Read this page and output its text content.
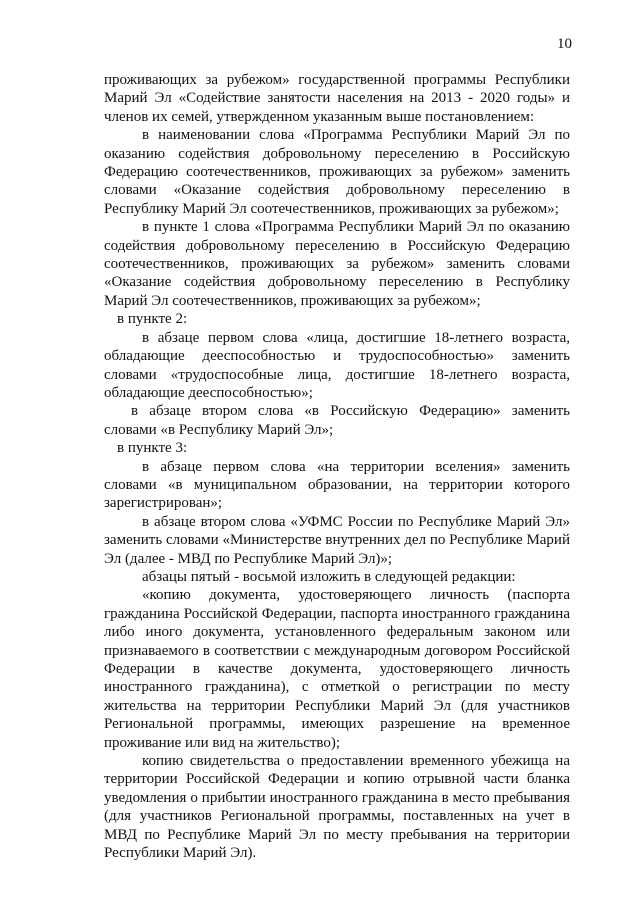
10

проживающих за рубежом» государственной программы Республики Марий Эл «Содействие занятости населения на 2013 - 2020 годы» и членов их семей, утвержденном указанным выше постановлением:

в наименовании слова «Программа Республики Марий Эл по оказанию содействия добровольному переселению в Российскую Федерацию соотечественников, проживающих за рубежом» заменить словами «Оказание содействия добровольному переселению в Республику Марий Эл соотечественников, проживающих за рубежом»;

в пункте 1 слова «Программа Республики Марий Эл по оказанию содействия добровольному переселению в Российскую Федерацию соотечественников, проживающих за рубежом» заменить словами «Оказание содействия добровольному переселению в Республику Марий Эл соотечественников, проживающих за рубежом»;

в пункте 2:

в абзаце первом слова «лица, достигшие 18-летнего возраста, обладающие дееспособностью и трудоспособностью» заменить словами «трудоспособные лица, достигшие 18-летнего возраста, обладающие дееспособностью»;

в абзаце втором слова «в Российскую Федерацию» заменить словами «в Республику Марий Эл»;

в пункте 3:

в абзаце первом слова «на территории вселения» заменить словами «в муниципальном образовании, на территории которого зарегистрирован»;

в абзаце втором слова «УФМС России по Республике Марий Эл» заменить словами «Министерстве внутренних дел по Республике Марий Эл (далее - МВД по Республике Марий Эл)»;

абзацы пятый - восьмой изложить в следующей редакции:

«копию документа, удостоверяющего личность (паспорта гражданина Российской Федерации, паспорта иностранного гражданина либо иного документа, установленного федеральным законом или признаваемого в соответствии с международным договором Российской Федерации в качестве документа, удостоверяющего личность иностранного гражданина), с отметкой о регистрации по месту жительства на территории Республики Марий Эл (для участников Региональной программы, имеющих разрешение на временное проживание или вид на жительство);

копию свидетельства о предоставлении временного убежища на территории Российской Федерации и копию отрывной части бланка уведомления о прибытии иностранного гражданина в место пребывания (для участников Региональной программы, поставленных на учет в МВД по Республике Марий Эл по месту пребывания на территории Республики Марий Эл).
